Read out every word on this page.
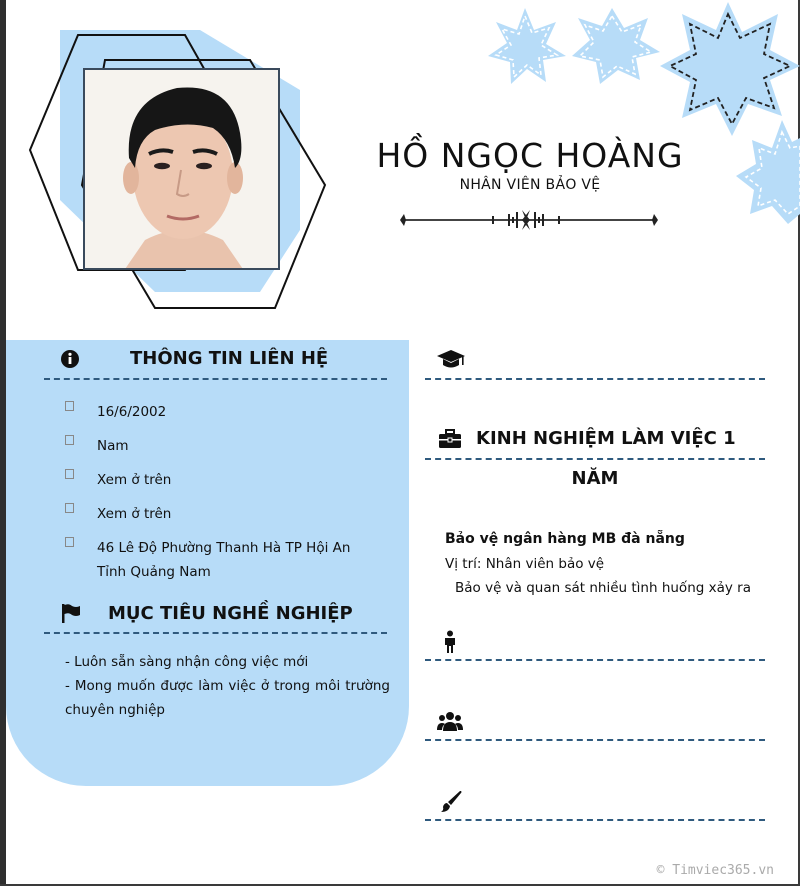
HỒ NGỌC HOÀNG
NHÂN VIÊN BẢO VỆ
THÔNG TIN LIÊN HỆ
16/6/2002
Nam
Xem ở trên
Xem ở trên
46 Lê Độ Phường Thanh Hà TP Hội An
Tỉnh Quảng Nam
MỤC TIÊU NGHỀ NGHIỆP
- Luôn sẵn sàng nhận công việc mới
- Mong muốn được làm việc ở trong môi trường chuyên nghiệp
KINH NGHIỆM LÀM VIỆC 1
NĂM
Bảo vệ ngân hàng MB đà nẵng
Vị trí: Nhân viên bảo vệ
Bảo vệ và quan sát nhiều tình huống xảy ra
© Timviec365.vn
